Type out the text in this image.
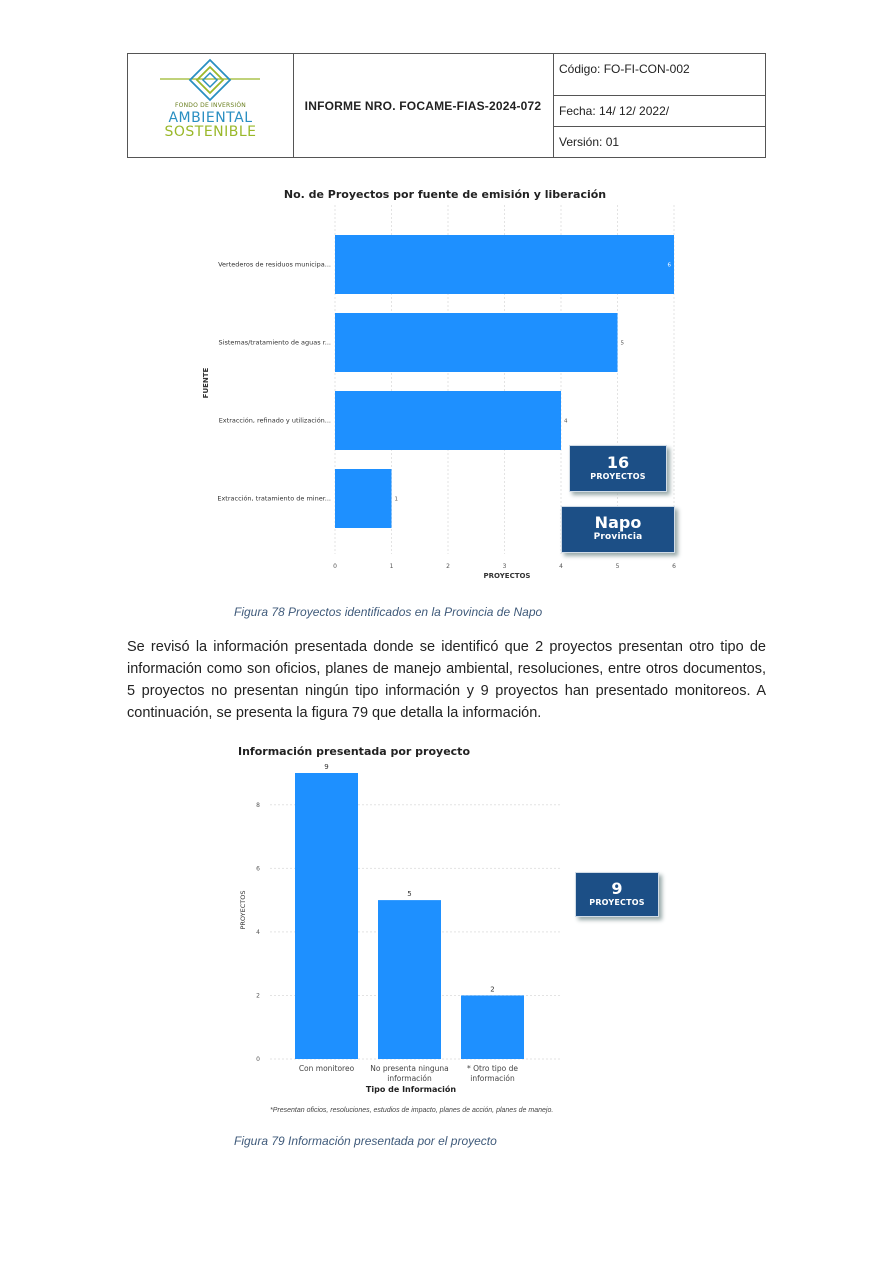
FONDO DE INVERSIÓN
AMBIENTAL
SOSTENIBLE
INFORME NRO. FOCAME-FIAS-2024-072
Código: FO-FI-CON-002
Fecha: 14/ 12/ 2022/
Versión: 01
No. de Proyectos por fuente de emisión y liberación
0	1	2	3	4	5	6
Vertederos de residuos municipa...	6
Sistemas/tratamiento de aguas r...	5
Extracción, refinado y utilización...	4
Extracción, tratamiento de miner...	1
PROYECTOS
FUENTE
16
PROYECTOS
Napo
Provincia
Figura 78 Proyectos identificados en la Provincia de Napo
Se revisó la información presentada donde se identificó que 2 proyectos presentan otro tipo de información como son oficios, planes de manejo ambiental, resoluciones, entre otros documentos, 5 proyectos no presentan ningún tipo información y 9 proyectos han presentado monitoreos. A continuación, se presenta la figura 79 que detalla la información.
Información presentada por proyecto
0
2
4
6
8
9
Con monitoreo
5
No presenta ninguna
información
2
* Otro tipo de
información
Tipo de Información
PROYECTOS
9
PROYECTOS
*Presentan oficios, resoluciones, estudios de impacto, planes de acción, planes de manejo.
Figura 79 Información presentada por el proyecto
